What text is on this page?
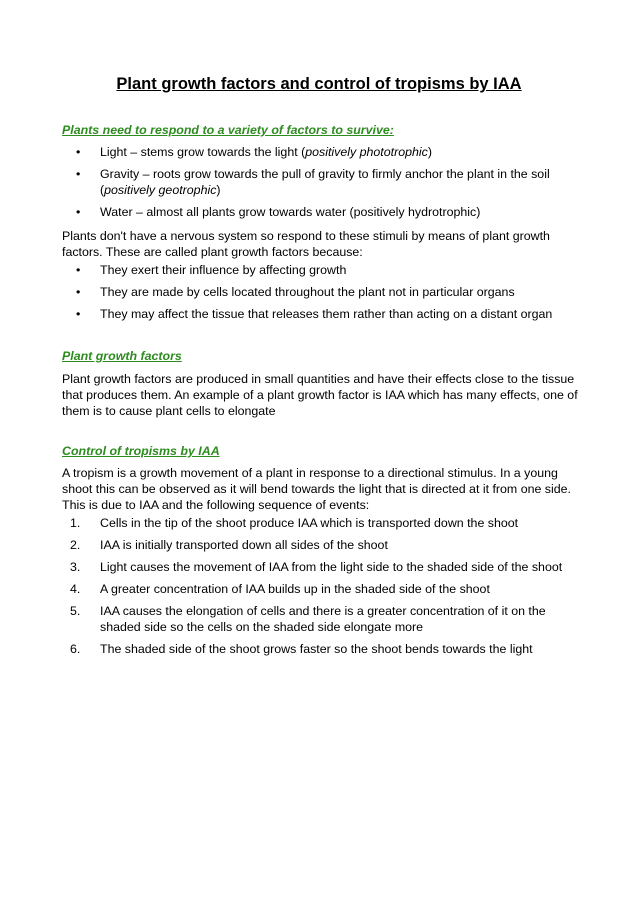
Plant growth factors and control of tropisms by IAA
Plants need to respond to a variety of factors to survive:
•	Light – stems grow towards the light (positively phototrophic)
•	Gravity – roots grow towards the pull of gravity to firmly anchor the plant in the soil (positively geotrophic)
•	Water – almost all plants grow towards water (positively hydrotrophic)

Plants don't have a nervous system so respond to these stimuli by means of plant growth factors. These are called plant growth factors because:

•	They exert their influence by affecting growth
•	They are made by cells located throughout the plant not in particular organs
•	They may affect the tissue that releases them rather than acting on a distant organ
Plant growth factors

Plant growth factors are produced in small quantities and have their effects close to the tissue that produces them. An example of a plant growth factor is IAA which has many effects, one of them is to cause plant cells to elongate

Control of tropisms by IAA

A tropism is a growth movement of a plant in response to a directional stimulus. In a young shoot this can be observed as it will bend towards the light that is directed at it from one side. This is due to IAA and the following sequence of events:

1.	Cells in the tip of the shoot produce IAA which is transported down the shoot
2.	IAA is initially transported down all sides of the shoot
3.	Light causes the movement of IAA from the light side to the shaded side of the shoot
4.	A greater concentration of IAA builds up in the shaded side of the shoot
5.	IAA causes the elongation of cells and there is a greater concentration of it on the shaded side so the cells on the shaded side elongate more
6.	The shaded side of the shoot grows faster so the shoot bends towards the light
